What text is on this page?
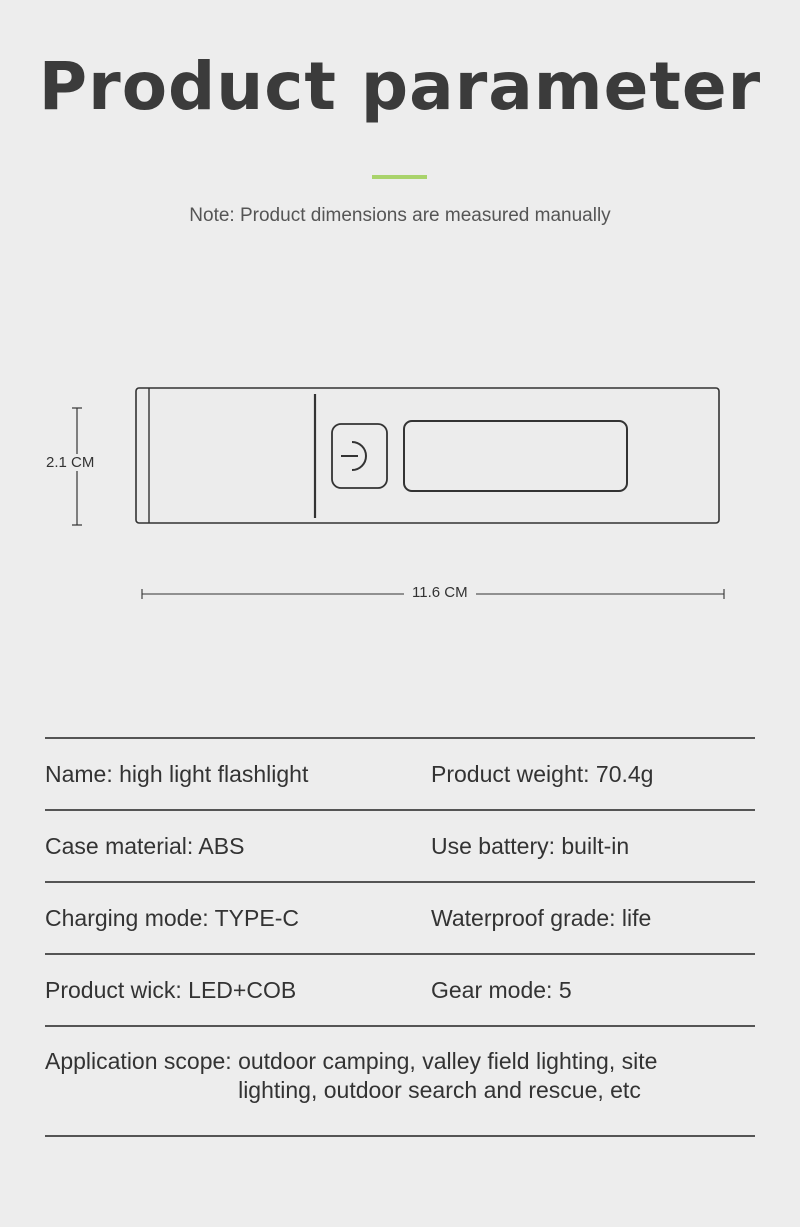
Product parameter
Note: Product dimensions are measured manually
2.1 CM
11.6 CM
Name: high light flashlight	Product weight: 70.4g
Case material: ABS	Use battery: built-in
Charging mode: TYPE-C	Waterproof grade: life
Product wick: LED+COB	Gear mode: 5
Application scope: outdoor camping, valley field lighting, site lighting, outdoor search and rescue, etc
